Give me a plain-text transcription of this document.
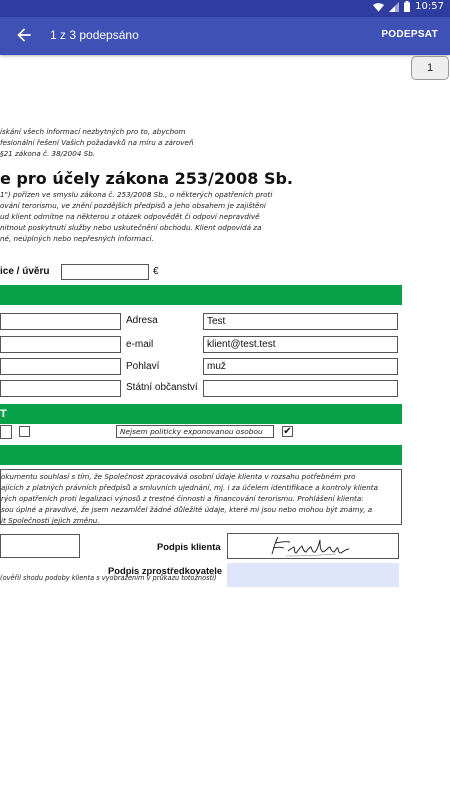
10:57
1 z 3 podepsáno	PODEPSAT
1
ískání všech informací nezbytných pro to, abychom
fesionální řešení Vašich požadavků na míru a zároveň
§21 zákona č. 38/2004 Sb.
e pro účely zákona 253/2008 Sb.
1") pořízen ve smyslu zákona č. 253/2008 Sb., o některých opatřeních proti
ování terorismu, ve znění pozdějších předpisů a jeho obsahem je zajištění
ud klient odmítne na některou z otázek odpovědět či odpoví nepravdivě
nitnout poskytnutí služby nebo uskutečnění obchodu. Klient odpovídá za
né, neúplných nebo nepřesných informací.
ice / úvěru	€
Adresa	Test
e-mail	klient@test.test
Pohlaví	muž
Státní občanství
T
Nejsem politicky exponovanou osobou	✔
okumentu souhlasí s tím, že Společnost zpracovává osobní údaje klienta v rozsahu potřebném pro
ajících z platných právních předpisů a smluvních ujednání, mj. i za účelem identifikace a kontroly klienta
rých opatřeních proti legalizaci výnosů z trestné činnosti a financování terorismu. Prohlášení klienta:
sou úplné a pravdivé, že jsem nezamlčel žádné důležité údaje, které mi jsou nebo mohou být známy, a
it Společnosti jejich změnu.
Podpis klienta
Podpis zprostředkovatele
(ověřil shodu podoby klienta s vyobrazením v průkazu totožnosti)
